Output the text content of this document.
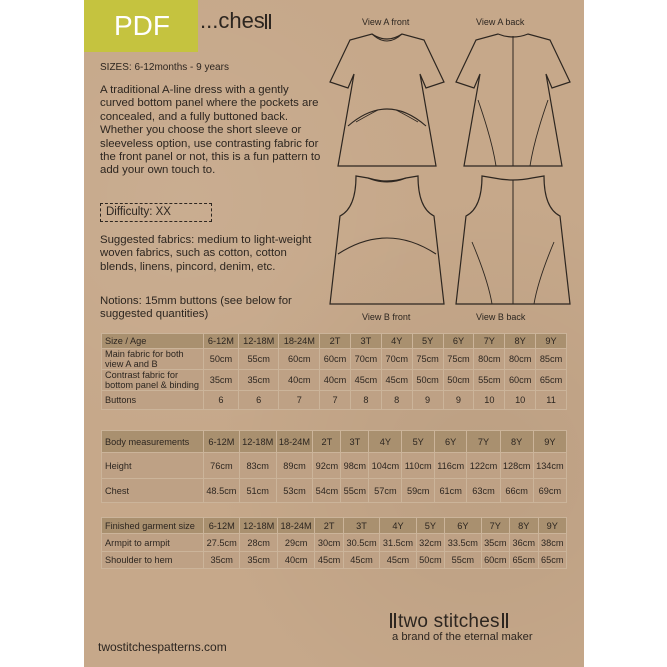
PDF	...ches
SIZES: 6-12months - 9 years
A traditional A-line dress with a gently curved bottom panel where the pockets are concealed, and a fully buttoned back. Whether you choose the short sleeve or sleeveless option, use contrasting fabric for the front panel or not, this is a fun pattern to add your own touch to.
Difficulty: XX
Suggested fabrics: medium to light-weight woven fabrics, such as cotton, cotton blends, linens, pincord, denim, etc.
Notions: 15mm buttons (see below for suggested quantities)
View A front	View A back
View B front	View B back
Size / Age	6-12M	12-18M	18-24M	2T	3T	4Y	5Y	6Y	7Y	8Y	9Y
Main fabric for both view A and B	50cm	55cm	60cm	60cm	70cm	70cm	75cm	75cm	80cm	80cm	85cm
Contrast fabric for bottom panel & binding	35cm	35cm	40cm	40cm	45cm	45cm	50cm	50cm	55cm	60cm	65cm
Buttons	6	6	7	7	8	8	9	9	10	10	11
Body measurements	6-12M	12-18M	18-24M	2T	3T	4Y	5Y	6Y	7Y	8Y	9Y
Height	76cm	83cm	89cm	92cm	98cm	104cm	110cm	116cm	122cm	128cm	134cm
Chest	48.5cm	51cm	53cm	54cm	55cm	57cm	59cm	61cm	63cm	66cm	69cm
Finished garment size	6-12M	12-18M	18-24M	2T	3T	4Y	5Y	6Y	7Y	8Y	9Y
Armpit to armpit	27.5cm	28cm	29cm	30cm	30.5cm	31.5cm	32cm	33.5cm	35cm	36cm	38cm
Shoulder to hem	35cm	35cm	40cm	45cm	45cm	45cm	50cm	55cm	60cm	65cm	65cm
twostitchespatterns.com
two stitches
a brand of the eternal maker
